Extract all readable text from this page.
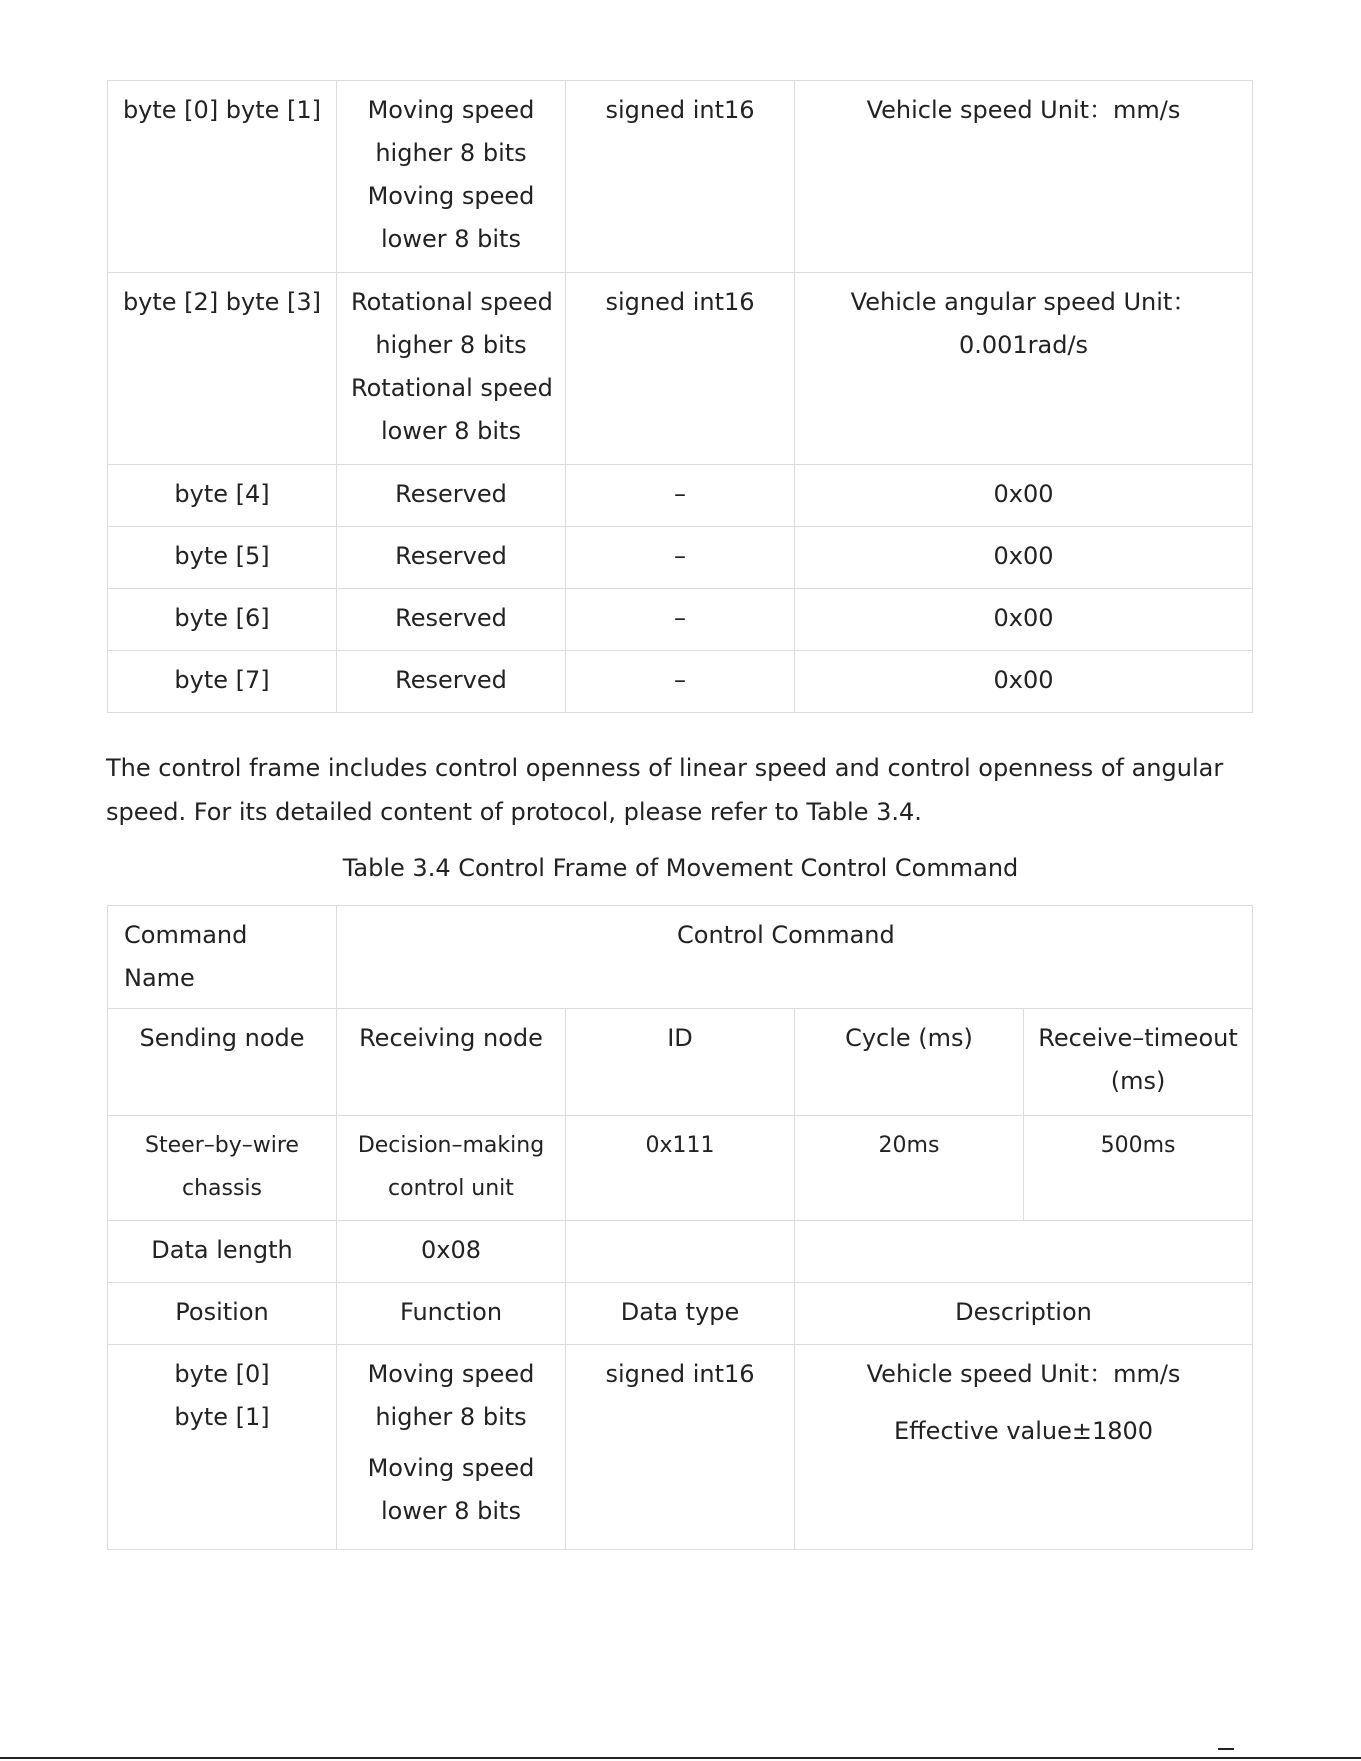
byte [0] byte [1]	Moving speed
higher 8 bits
Moving speed
lower 8 bits	signed int16	Vehicle speed Unit：mm/s

byte [2] byte [3]	Rotational speed
higher 8 bits
Rotational speed
lower 8 bits	signed int16	Vehicle angular speed Unit：
0.001rad/s

byte [4]	Reserved	–	0x00
byte [5]	Reserved	–	0x00
byte [6]	Reserved	–	0x00
byte [7]	Reserved	–	0x00

The control frame includes control openness of linear speed and control openness of angular speed. For its detailed content of protocol, please refer to Table 3.4.

Table 3.4 Control Frame of Movement Control Command

Command Name	Control Command			
Sending node	Receiving node	ID	Cycle (ms)	Receive–timeout
(ms)

Steer–by–wire
chassis	Decision–making
control unit	0x111	20ms	500ms
Data length	0x08			
Position	Function	Data type	Description	

byte [0]
byte [1]	Moving speed
higher 8 bits
Moving speed
lower 8 bits	signed int16	Vehicle speed Unit：mm/s
Effective value±1800	
